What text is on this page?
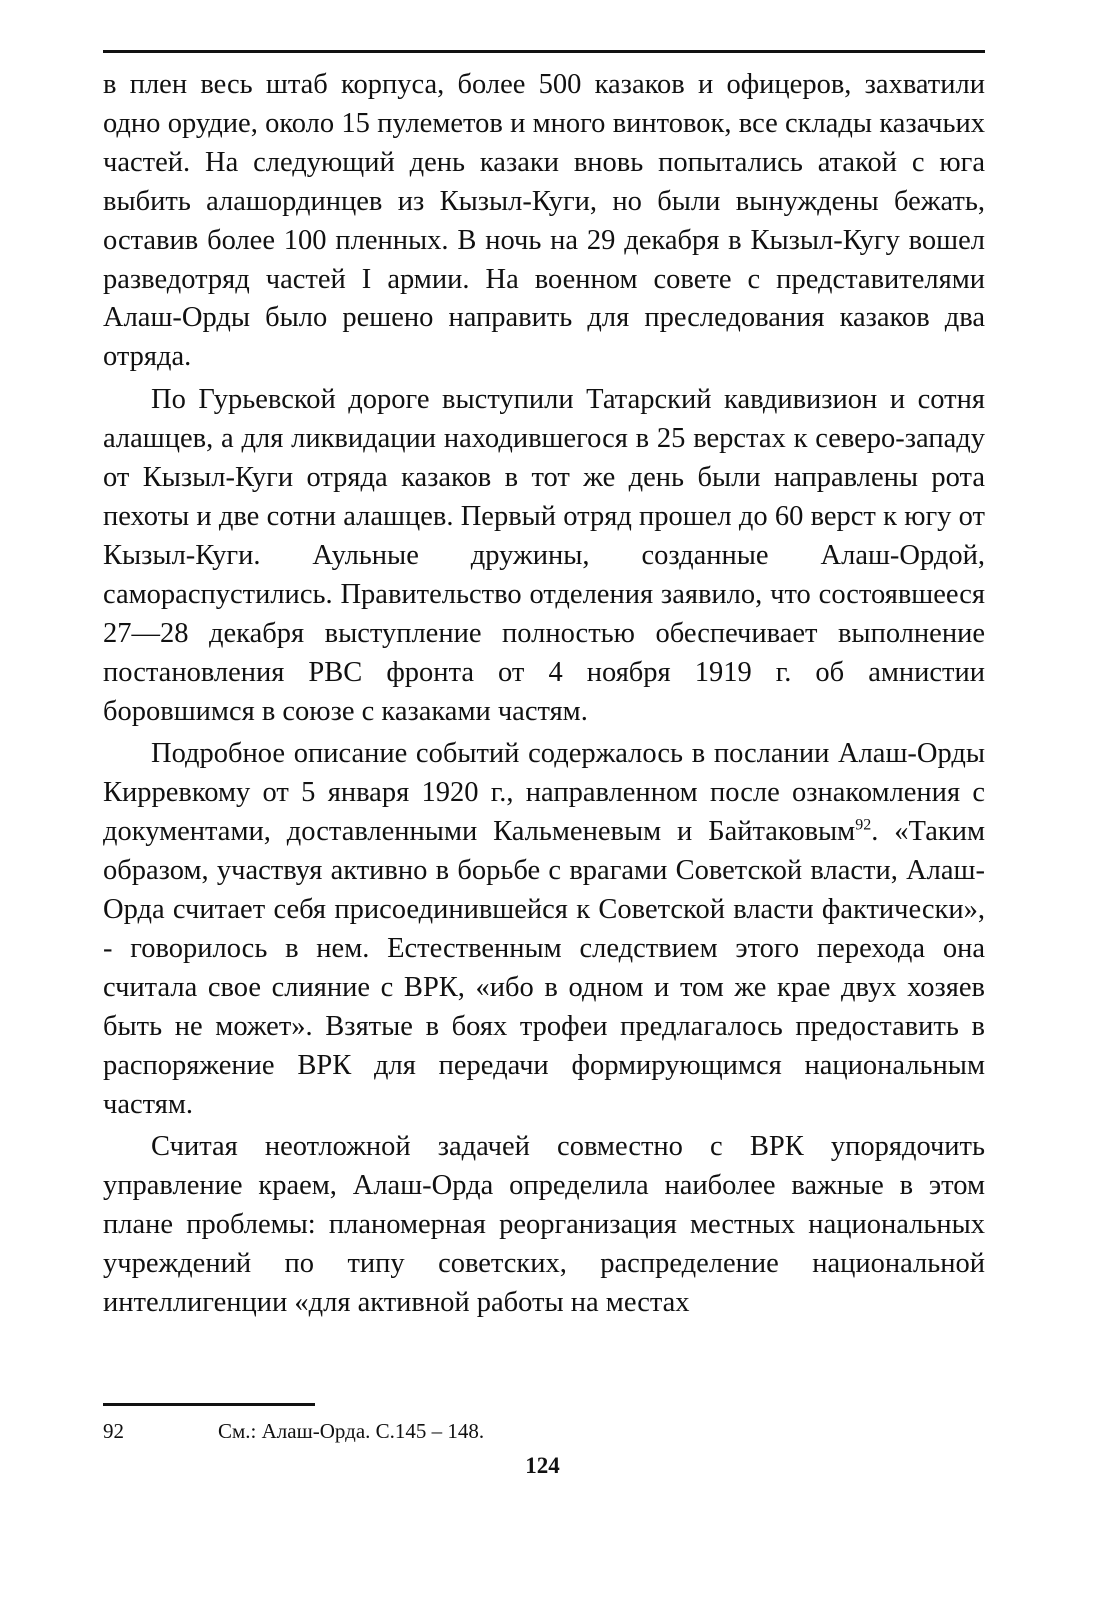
в плен весь штаб корпуса, более 500 казаков и офицеров, захватили одно орудие, около 15 пулеметов и много винтовок, все склады казачьих частей. На следующий день казаки вновь попытались атакой с юга выбить алашординцев из Кызыл-Куги, но были вынуждены бежать, оставив более 100 пленных. В ночь на 29 декабря в Кызыл-Кугу вошел разведотряд частей I армии. На военном совете с представителями Алаш-Орды было решено направить для преследования казаков два отряда.

По Гурьевской дороге выступили Татарский кавдивизион и сотня алашцев, а для ликвидации находившегося в 25 верстах к северо-западу от Кызыл-Куги отряда казаков в тот же день были направлены рота пехоты и две сотни алашцев. Первый отряд прошел до 60 верст к югу от Кызыл-Куги. Аульные дружины, созданные Алаш-Ордой, самораспустились. Правительство отделения заявило, что состоявшееся 27—28 декабря выступление полностью обеспечивает выполнение постановления РВС фронта от 4 ноября 1919 г. об амнистии боровшимся в союзе с казаками частям.

Подробное описание событий содержалось в послании Алаш-Орды Кирревкому от 5 января 1920 г., направленном после ознакомления с документами, доставленными Кальменевым и Байтаковым$^{92}$. «Таким образом, участвуя активно в борьбе с врагами Советской власти, Алаш-Орда считает себя присоединившейся к Советской власти фактически», - говорилось в нем. Естественным следствием этого перехода она считала свое слияние с ВРК, «ибо в одном и том же крае двух хозяев быть не может». Взятые в боях трофеи предлагалось предоставить в распоряжение ВРК для передачи формирующимся национальным частям.

Считая неотложной задачей совместно с ВРК упорядочить управление краем, Алаш-Орда определила наиболее важные в этом плане проблемы: планомерная реорганизация местных национальных учреждений по типу советских, распределение национальной интеллигенции «для активной работы на местах

92	См.: Алаш-Орда. С.145 – 148.
124
